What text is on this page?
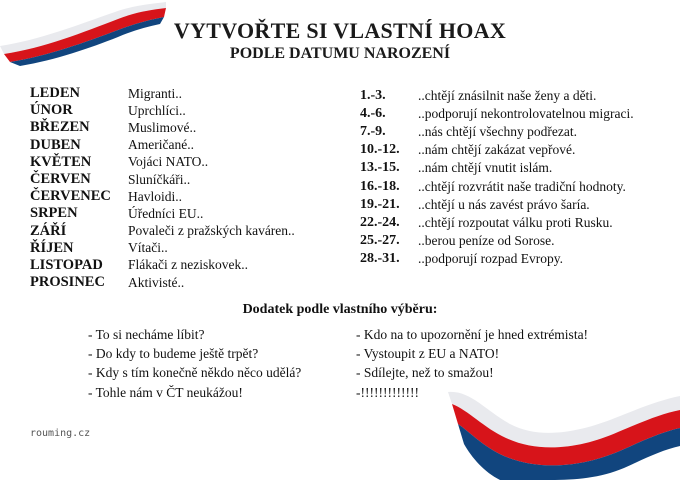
VYTVOŘTE SI VLASTNÍ HOAX
PODLE DATUMU NAROZENÍ
LEDEN	Migranti..
ÚNOR	Uprchlíci..
BŘEZEN	Muslimové..
DUBEN	Američané..
KVĚTEN	Vojáci NATO..
ČERVEN	Sluníčkáři..
ČERVENEC	Havloidi..
SRPEN	Úředníci EU..
ZÁŘÍ	Povaleči z pražských kaváren..
ŘÍJEN	Vítači..
LISTOPAD	Flákači z neziskovek..
PROSINEC	Aktivisté..
1.-3.	..chtějí znásilnit naše ženy a děti.
4.-6.	..podporují nekontrolovatelnou migraci.
7.-9.	..nás chtějí všechny podřezat.
10.-12.	..nám chtějí zakázat vepřové.
13.-15.	..nám chtějí vnutit islám.
16.-18.	..chtějí rozvrátit naše tradiční hodnoty.
19.-21.	..chtějí u nás zavést právo šaría.
22.-24.	..chtějí rozpoutat válku proti Rusku.
25.-27.	..berou peníze od Sorose.
28.-31.	..podporují rozpad Evropy.
Dodatek podle vlastního výběru:
- To si necháme líbit?
- Do kdy to budeme ještě trpět?
- Kdy s tím konečně někdo něco udělá?
- Tohle nám v ČT neukážou!
- Kdo na to upozornění je hned extrémista!
- Vystoupit z EU a NATO!
- Sdílejte, než to smažou!
-!!!!!!!!!!!!!
rouming.cz
